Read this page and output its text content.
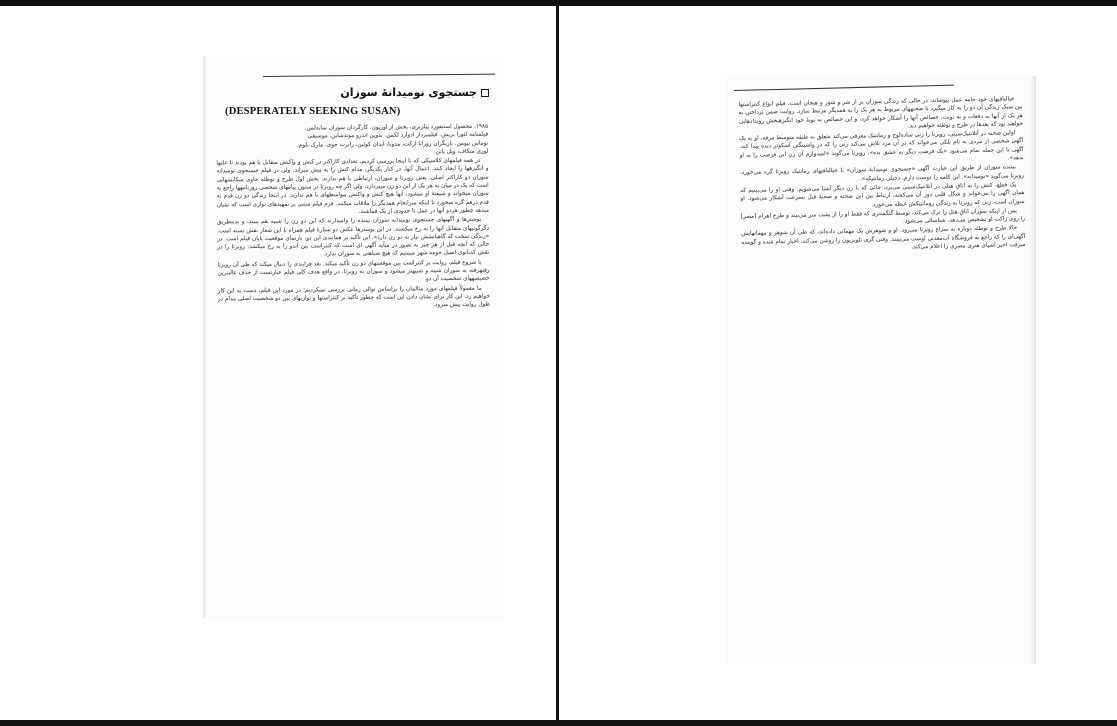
جستجوی نومیدانهٔ سوزان
(DESPERATELY SEEKING SUSAN)
۱۹۸۵. محصول استنفورد پیلزبری، پخش از اوریون. کارگردان سوزان سایدلمن.
فیلمنامه لئورا بریش. فیلمبردار ادوارد لکمن. تدوین اندرو موندشاین. موسیقی
توماس نیومن. بازیگران روزانا آرکت، مدونا، آیدان کوئین، رابرت جوی، مارک بلوم،
لوری متکاف، ویل پاتن.

در همه فیلمهای کلاسیکی که تا اینجا بررسی کردیم، تعدادی کاراکتر در کنش و واکنش متقابل با هم بودند تا علتها و انگیزهها را ایجاد کنند. اعمال آنها، در کنار یکدیگر، مدام کنش را به پیش میراند. ولی در فیلم جستجوی نومیدانه سوزان دو کاراکتر اصلی، یعنی روبرتا و سوزان، ارتباطی با هم ندارند. بخش اول طرح و توطئه حاوی سکانسهایی است که یک در میان به هر یک از این دو زن میپردازد، ولی اگر چه روبرتا در ستون پیامهای شخصی روزنامهها راجع به سوزان میخواند و شیفتهٔ او میشود، آنها هیچ کنش و واکنش بیواسطهای با هم ندارند. در اینجا زندگی دو زن قدم به قدم درهم گره میخورد تا اینکه سرانجام همدیگر را ملاقات میکنند. فرم فیلم مبتنی بر تمهیدهای توازی است که نشان میدهد چطور هردو آنها در عمل تا حدودی از یک قماشند.

پوسترها و آگهیهای جستجوی نومیدانه سوزان بیننده را وامیدارند که این دو زن را شبیه هم ببیند، و بدینطریق دگرگونیهای متقابل آنها را به رخ میکشند. در این پوسترها عکس دو ستارهٔ فیلم همراه با این شعار نقش بسته است. «زندگی سخت که گاهبانشش نیاز به دو زن دارد». این تأکید بر همانندی این دو، بازنمای موقعیت پایان فیلم است. در حالی که آنچه قبل از هر چیز به تصور در میآید آگهی ای است که کنتراست بین آندو را به رخ میکشد: روبرتا را در نقش کدبانوی اصیل حومه شهر میبینیم که هیچ شباهتی به سوزان ندارد.

با شروع فیلم، روایت بر کنتراست بین موقعیتهای دو زن تأکید میکند. بعد فرایندی را دنبال میکند که طی آن روبرتا رفتهرفته به سوزان شبیه و شبیهتر میشود و سوزان به روبرتا. در واقع هدف کلی فیلم عبارتست از حذف غالبترین خصیصههای شخصیت آن دو.

ما معمولاً فیلمهای مورد مثالمان را براساس توالی زمانی بررسی نمیکردیم؛ در مورد این فیلم، دست به این کار خواهیم زد. این کار برای نشان دادن این است که چطور تأکید بر کنتراستها و توازیهای بین دو شخصیت اصلی مدام در طول روایت پیش میرود.

خیالبافیهای خود جامه عمل بپوشاند، در حالی که زندگی سوزان پر از شر و شور و هیجان است. فیلم انواع کنتراستها بین سبک زندگی آن دو را به کار میگیرد تا صحنههای مربوط به هر یک را به همدیگر مرتبط سازد. روایت ضمن پرداختن به هر یک از آنها به دفعات و به نوبت، خصائص آنها را آشکار خواهد کرد، و این خصائص به نوبهٔ خود انگیزهبخش رویدادهایی خواهند بود که بعدها در طرح و توطئه خواهیم دید.

اولین صحنه در آتلانتیک‌سیتی، روبرتا را زنی ساده‌لوح و رمانتیک معرفی می‌کند متعلق به طبقه متوسط مرفه، او به یک آگهی شخصی از مردی به نام بلکی می‌خواند که در آن مرد تلاش می‌کند زنی را که در واشینگتن اسکوئر دیده پیدا کند. آگهی با این جمله تمام می‌شود «یک فرصت دیگر به عشق بده». روبرتا می‌گوید «امیدوارم آن زن این فرصت را به او بدهد».

بیننده سوزان از طریق این عبارت آگهی «جستجوی نومیدانهٔ سوزان» با خیالبافیهای رمانتیک روبرتا گره می‌خورد. روبرتا می‌گوید «نومیدانه». این کلمه را دوست دارم. دخیلی رمانتیکه».

یک قطع، کنش را به اتاق هتلی در آتلانتیک‌سیتی می‌برد، جائی که با زن دیگر آشنا می‌شویم. وقتی او را می‌بینیم که همان آگهی را می‌خواند و شکل قلبی دور آن می‌کشد، ارتباط بین این صحنه و صحنهٔ قبل بسرعت آشکار می‌شود. او سوزان است، زنی که روبرتا به زندگی رومانتیکش غبطه می‌خورد.

پس از اینکه سوزان اتاق هتل را ترک می‌کند، توسط گنگستری که فقط او را از پشت سر می‌بیند و طرح اهرام [مصر] را روی ژاکت او تشخیص می‌دهد، شناسائی می‌شود.

حالا طرح و توطئه دوباره به سراغ روبرتا می‌رود. او و شوهرش یک مهمانی داده‌اند، که طی آن شوهر و مهمانهایش آگهی‌ای را که راجع به فروشگاه آب‌معدنی اوست می‌بینند. وقتی گری تلویزیون را روشن می‌کند، اخبار تمام شده و گوینده سرقت اخیر اشیای هنری مصری را اعلام می‌کند.
